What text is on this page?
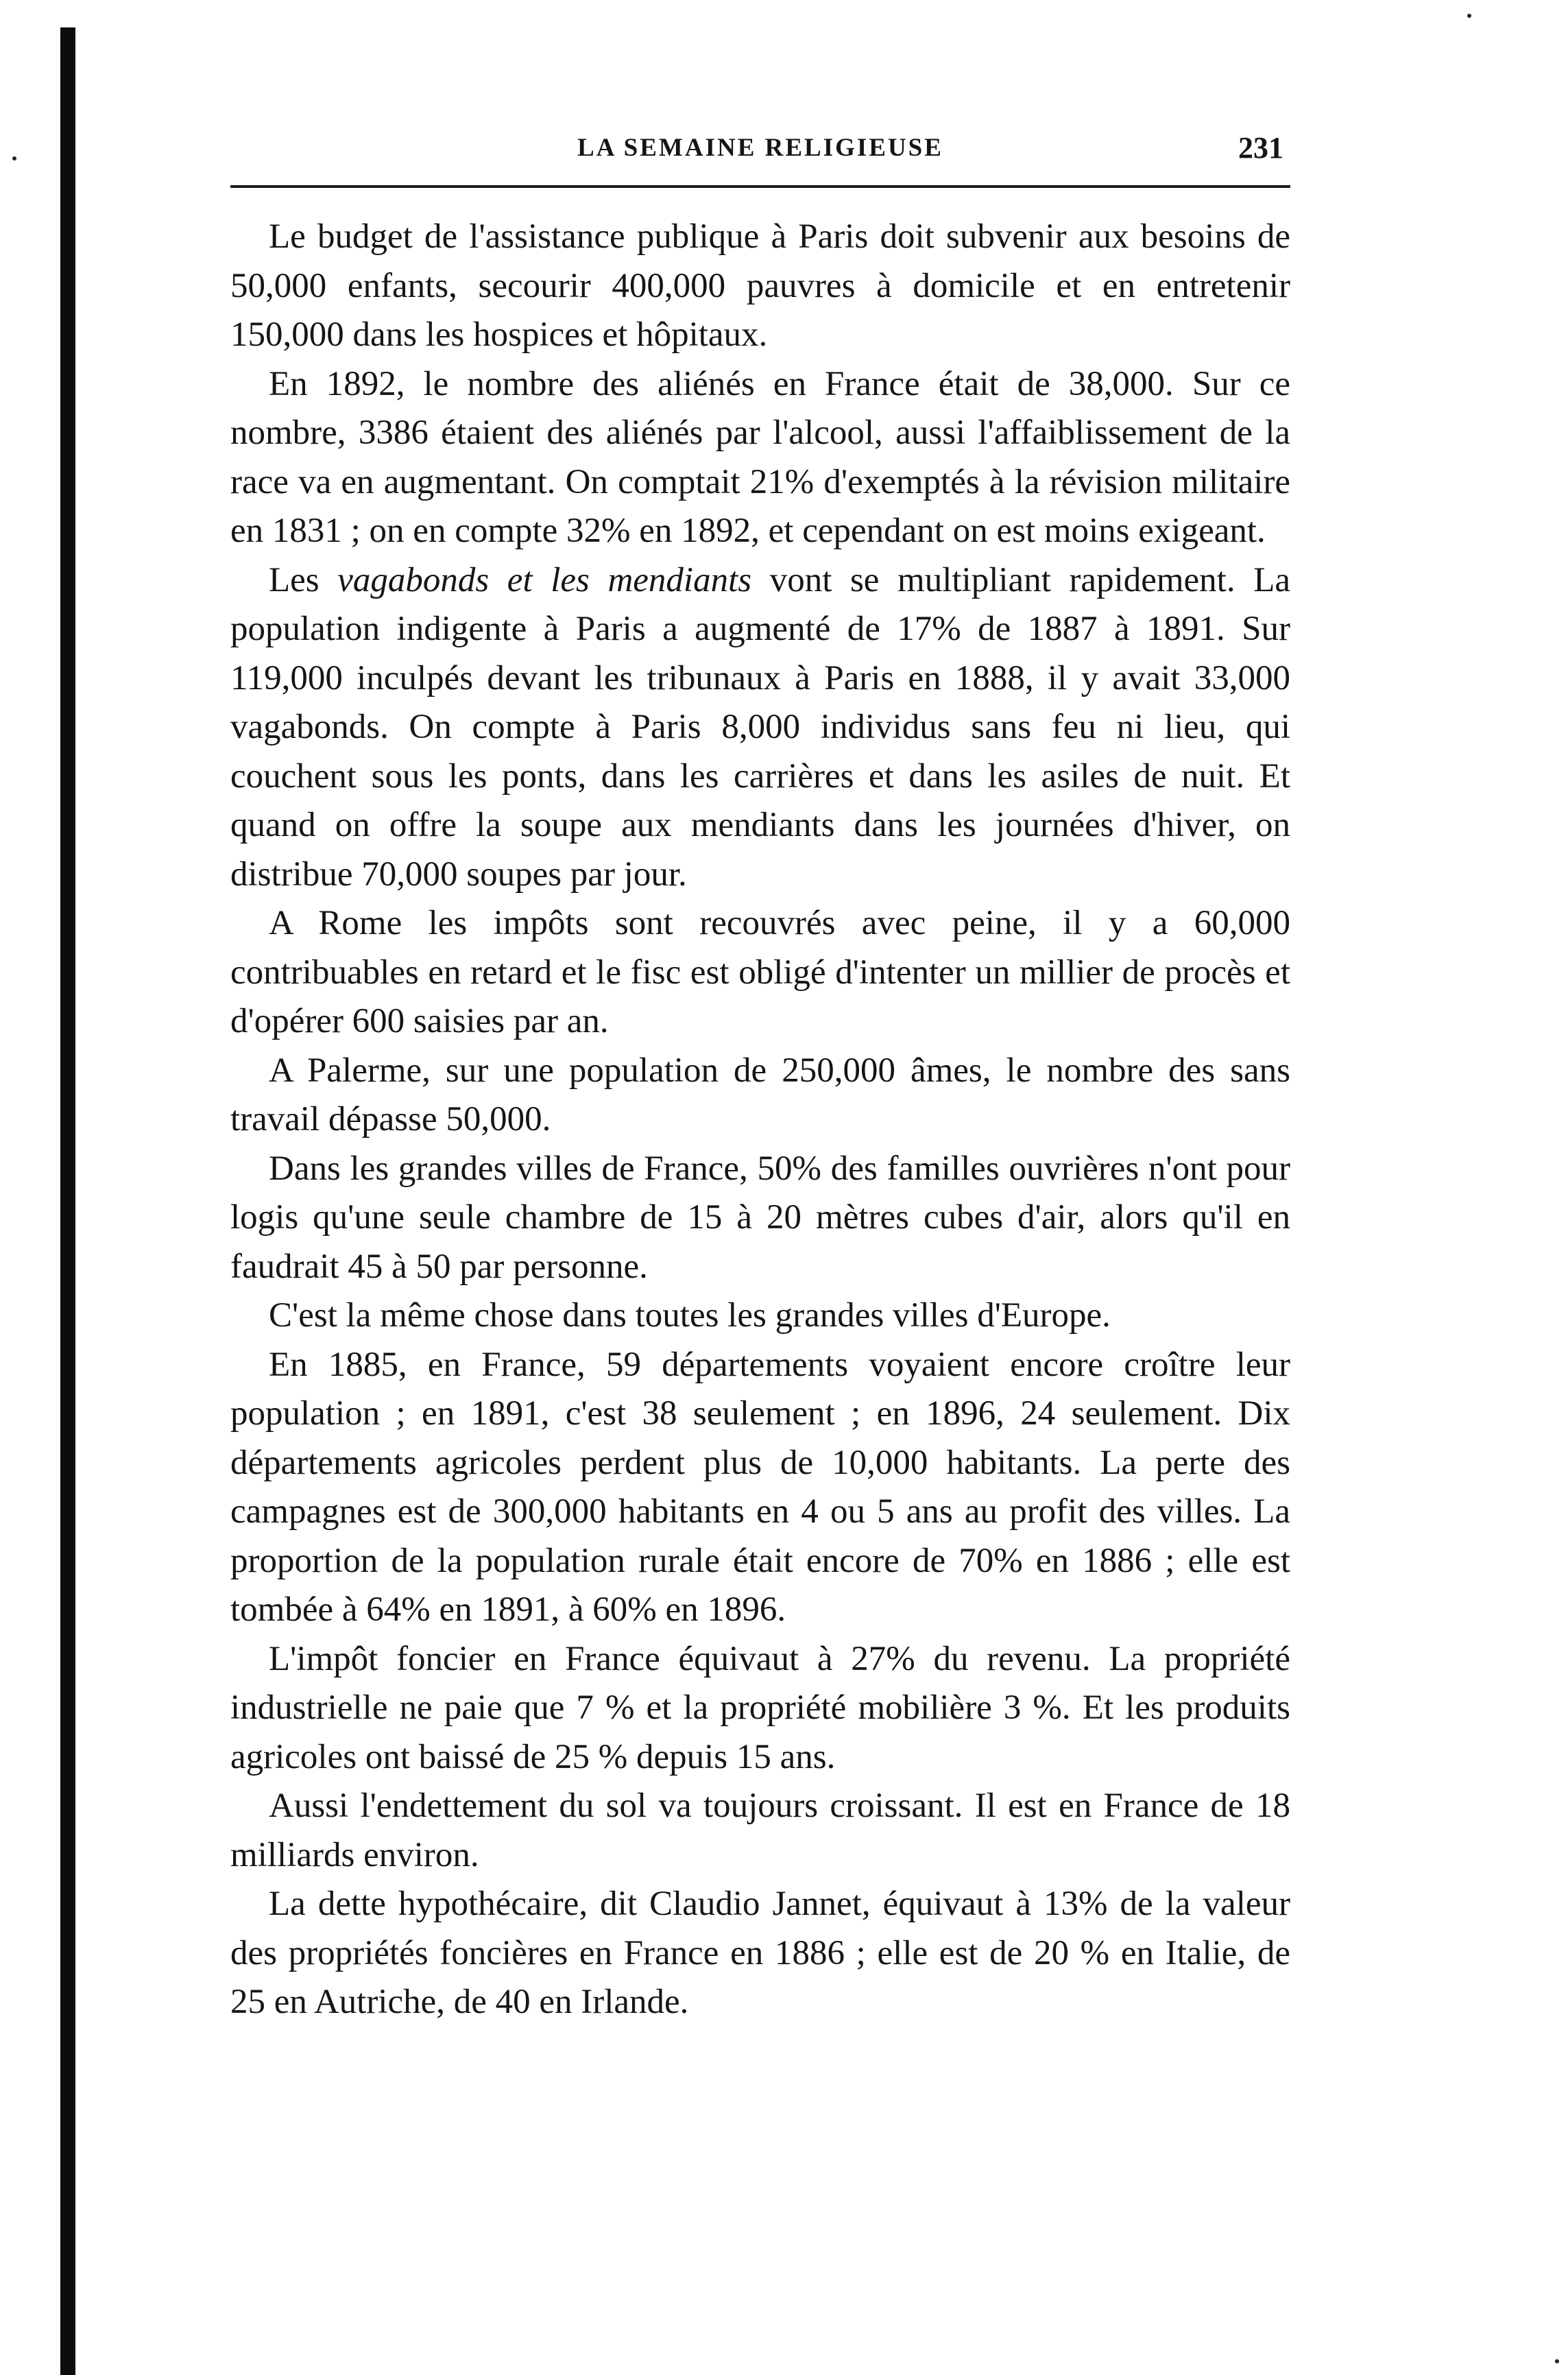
LA SEMAINE RELIGIEUSE	231

Le budget de l'assistance publique à Paris doit subvenir aux besoins de 50,000 enfants, secourir 400,000 pauvres à domicile et en entretenir 150,000 dans les hospices et hôpitaux.

En 1892, le nombre des aliénés en France était de 38,000. Sur ce nombre, 3386 étaient des aliénés par l'alcool, aussi l'affaiblissement de la race va en augmentant. On comptait 21% d'exemptés à la révision militaire en 1831 ; on en compte 32% en 1892, et cependant on est moins exigeant.

Les vagabonds et les mendiants vont se multipliant rapidement. La population indigente à Paris a augmenté de 17% de 1887 à 1891. Sur 119,000 inculpés devant les tribunaux à Paris en 1888, il y avait 33,000 vagabonds. On compte à Paris 8,000 individus sans feu ni lieu, qui couchent sous les ponts, dans les carrières et dans les asiles de nuit. Et quand on offre la soupe aux mendiants dans les journées d'hiver, on distribue 70,000 soupes par jour.

A Rome les impôts sont recouvrés avec peine, il y a 60,000 contribuables en retard et le fisc est obligé d'intenter un millier de procès et d'opérer 600 saisies par an.

A Palerme, sur une population de 250,000 âmes, le nombre des sans travail dépasse 50,000.

Dans les grandes villes de France, 50% des familles ouvrières n'ont pour logis qu'une seule chambre de 15 à 20 mètres cubes d'air, alors qu'il en faudrait 45 à 50 par personne.

C'est la même chose dans toutes les grandes villes d'Europe.

En 1885, en France, 59 départements voyaient encore croître leur population ; en 1891, c'est 38 seulement ; en 1896, 24 seulement. Dix départements agricoles perdent plus de 10,000 habitants. La perte des campagnes est de 300,000 habitants en 4 ou 5 ans au profit des villes. La proportion de la population rurale était encore de 70% en 1886 ; elle est tombée à 64% en 1891, à 60% en 1896.

L'impôt foncier en France équivaut à 27% du revenu. La propriété industrielle ne paie que 7 % et la propriété mobilière 3 %. Et les produits agricoles ont baissé de 25 % depuis 15 ans.

Aussi l'endettement du sol va toujours croissant. Il est en France de 18 milliards environ.

La dette hypothécaire, dit Claudio Jannet, équivaut à 13% de la valeur des propriétés foncières en France en 1886 ; elle est de 20 % en Italie, de 25 en Autriche, de 40 en Irlande.
